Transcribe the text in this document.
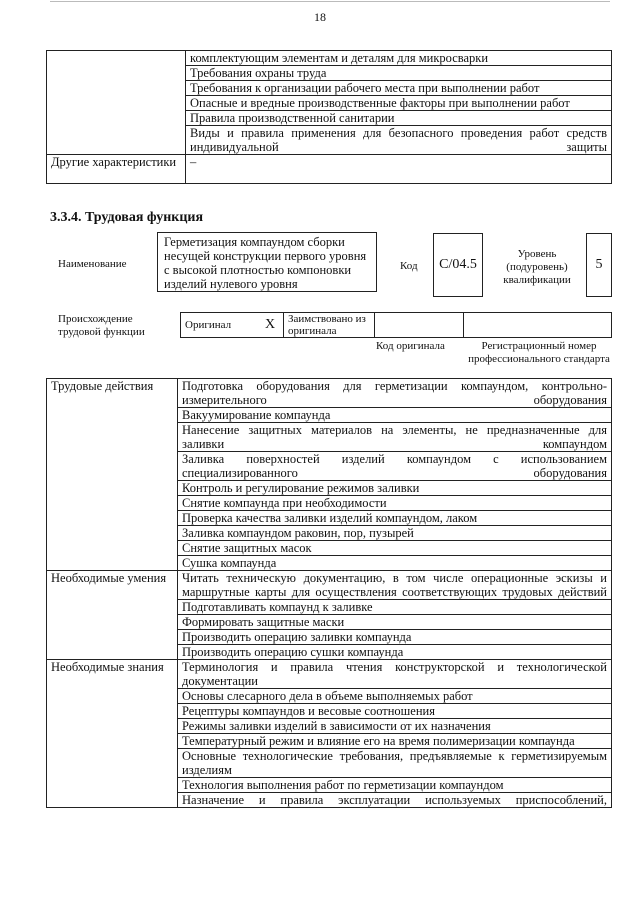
18
	комплектующим элементам и деталям для микросварки
	Требования охраны труда
	Требования к организации рабочего места при выполнении работ
	Опасные и вредные производственные факторы при выполнении работ
	Правила производственной санитарии
	Виды и правила применения для безопасного проведения работ средств индивидуальной защиты
Другие характеристики	–
3.3.4. Трудовая функция
Наименование
Герметизация компаундом сборки несущей конструкции первого уровня с высокой плотностью компоновки изделий нулевого уровня
Код C/04.5
Уровень (подуровень) квалификации
5
Происхождение трудовой функции
Оригинал	X	Заимствовано из оригинала		
Код оригинала	Регистрационный номер профессионального стандарта
Трудовые действия	Подготовка оборудования для герметизации компаундом, контрольно-измерительного оборудования
	Вакуумирование компаунда
	Нанесение защитных материалов на элементы, не предназначенные для заливки компаундом
	Заливка поверхностей изделий компаундом с использованием специализированного оборудования
	Контроль и регулирование режимов заливки
	Снятие компаунда при необходимости
	Проверка качества заливки изделий компаундом, лаком
	Заливка компаундом раковин, пор, пузырей
	Снятие защитных масок
	Сушка компаунда
Необходимые умения	Читать техническую документацию, в том числе операционные эскизы и маршрутные карты для осуществления соответствующих трудовых действий
	Подготавливать компаунд к заливке
	Формировать защитные маски
	Производить операцию заливки компаунда
	Производить операцию сушки компаунда
Необходимые знания	Терминология и правила чтения конструкторской и технологической документации
	Основы слесарного дела в объеме выполняемых работ
	Рецептуры компаундов и весовые соотношения
	Режимы заливки изделий в зависимости от их назначения
	Температурный режим и влияние его на время полимеризации компаунда
	Основные технологические требования, предъявляемые к герметизируемым изделиям
	Технология выполнения работ по герметизации компаундом
	Назначение и правила эксплуатации используемых приспособлений,
